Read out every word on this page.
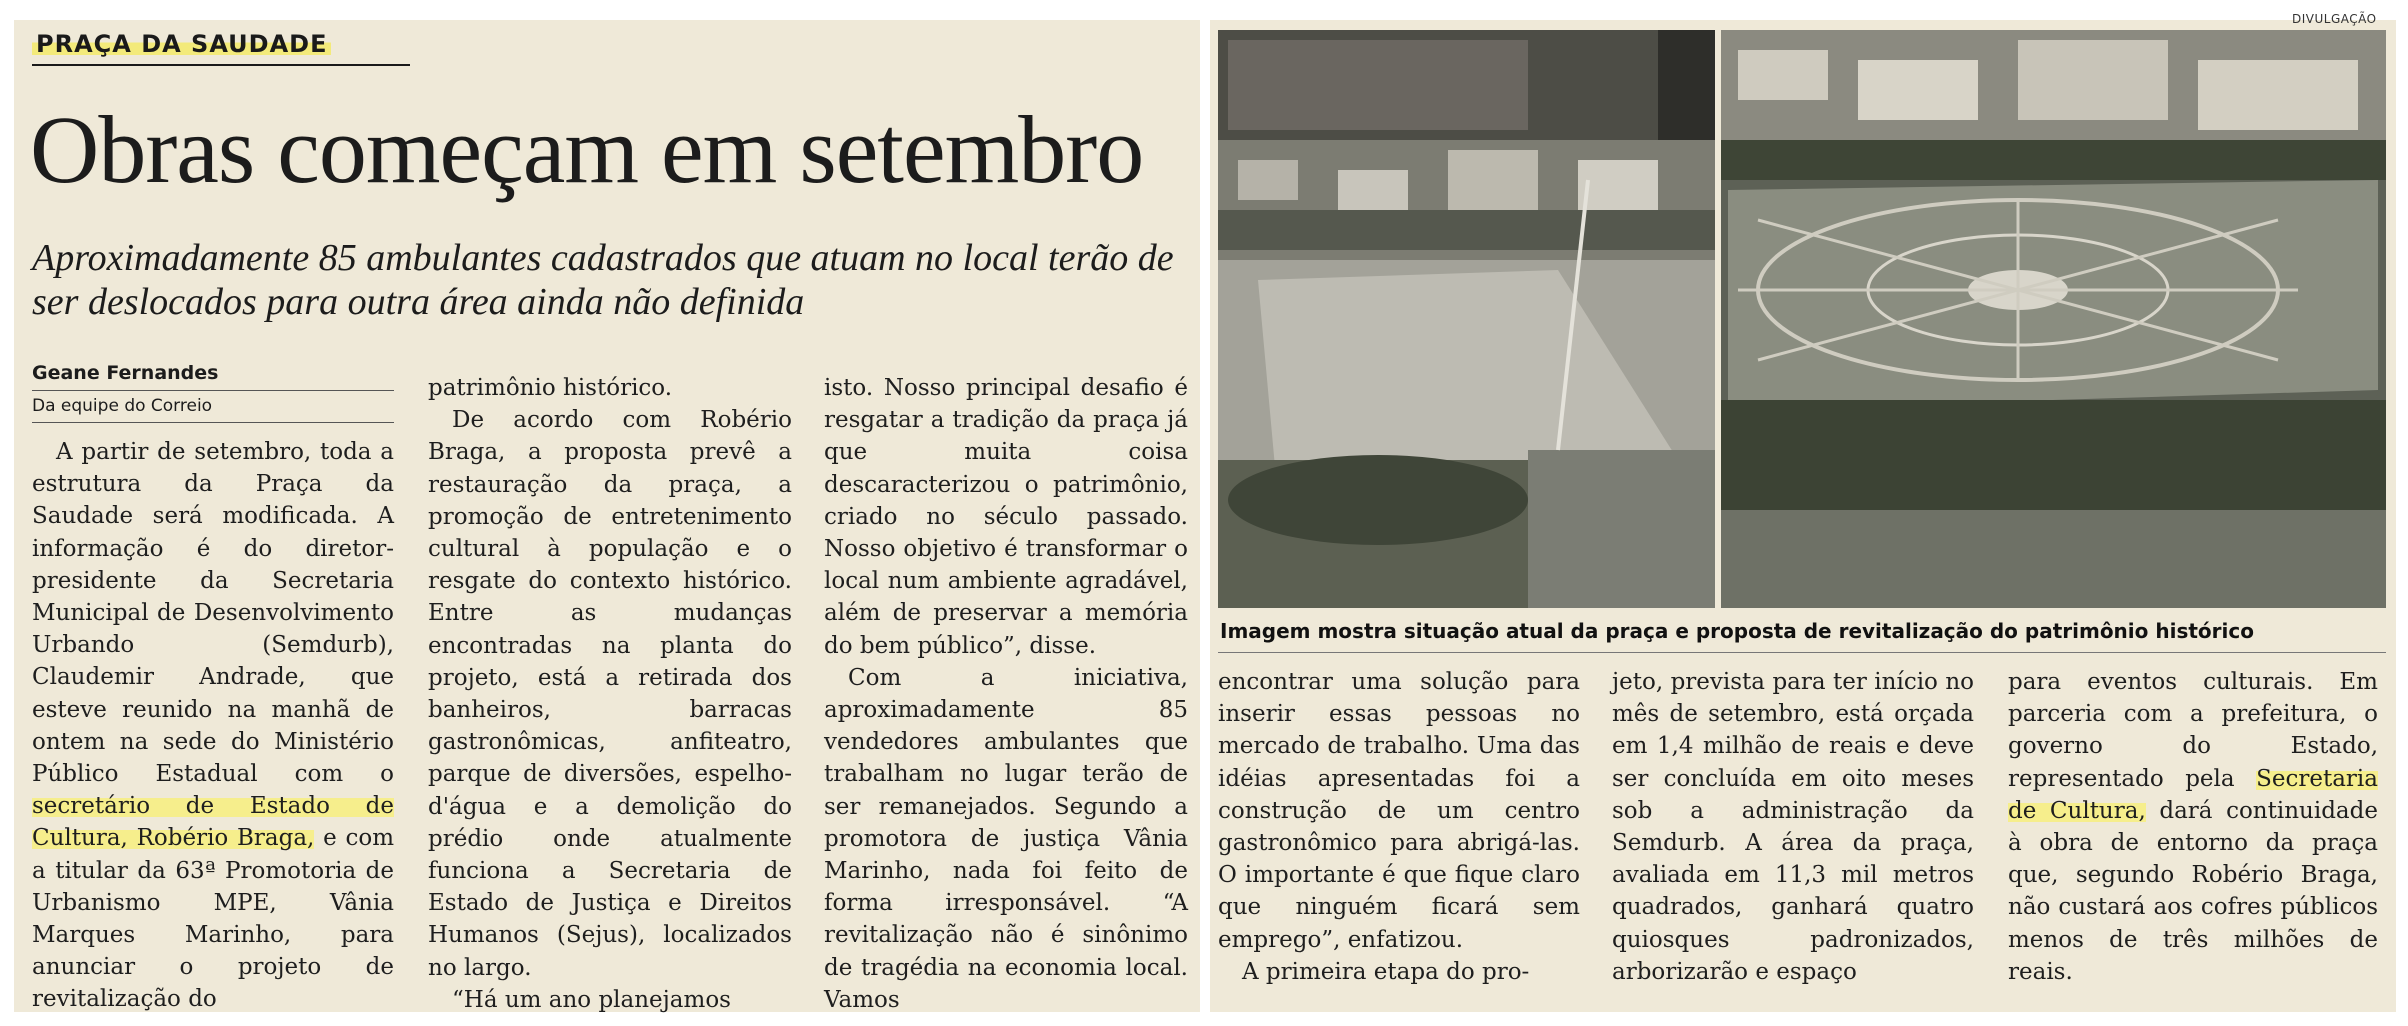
PRAÇA DA SAUDADE
Obras começam em setembro
Aproximadamente 85 ambulantes cadastrados que atuam no local terão de ser deslocados para outra área ainda não definida
Geane Fernandes
Da equipe do Correio

A partir de setembro, toda a estrutura da Praça da Saudade será modificada. A informação é do diretor-presidente da Secretaria Municipal de Desenvolvimento Urbando (Semdurb), Claudemir Andrade, que esteve reunido na manhã de ontem na sede do Ministério Público Estadual com o secretário de Estado de Cultura, Robério Braga, e com a titular da 63ª Promotoria de Urbanismo MPE, Vânia Marques Marinho, para anunciar o projeto de revitalização do

patrimônio histórico.

De acordo com Robério Braga, a proposta prevê a restauração da praça, a promoção de entretenimento cultural à população e o resgate do contexto histórico. Entre as mudanças encontradas na planta do projeto, está a retirada dos banheiros, barracas gastronômicas, anfiteatro, parque de diversões, espelho-d'água e a demolição do prédio onde atualmente funciona a Secretaria de Estado de Justiça e Direitos Humanos (Sejus), localizados no largo.

“Há um ano planejamos

isto. Nosso principal desafio é resgatar a tradição da praça já que muita coisa descaracterizou o patrimônio, criado no século passado. Nosso objetivo é transformar o local num ambiente agradável, além de preservar a memória do bem público”, disse.

Com a iniciativa, aproximadamente 85 vendedores ambulantes que trabalham no lugar terão de ser remanejados. Segundo a promotora de justiça Vânia Marinho, nada foi feito de forma irresponsável. “A revitalização não é sinônimo de tragédia na economia local. Vamos

DIVULGAÇÃO
Imagem mostra situação atual da praça e proposta de revitalização do patrimônio histórico

encontrar uma solução para inserir essas pessoas no mercado de trabalho. Uma das idéias apresentadas foi a construção de um centro gastronômico para abrigá-las. O importante é que fique claro que ninguém ficará sem emprego”, enfatizou.

A primeira etapa do pro-

jeto, prevista para ter início no mês de setembro, está orçada em 1,4 milhão de reais e deve ser concluída em oito meses sob a administração da Semdurb. A área da praça, avaliada em 11,3 mil metros quadrados, ganhará quatro quiosques padronizados, arborizarão e espaço

para eventos culturais. Em parceria com a prefeitura, o governo do Estado, representado pela Secretaria de Cultura, dará continuidade à obra de entorno da praça que, segundo Robério Braga, não custará aos cofres públicos menos de três milhões de reais.
